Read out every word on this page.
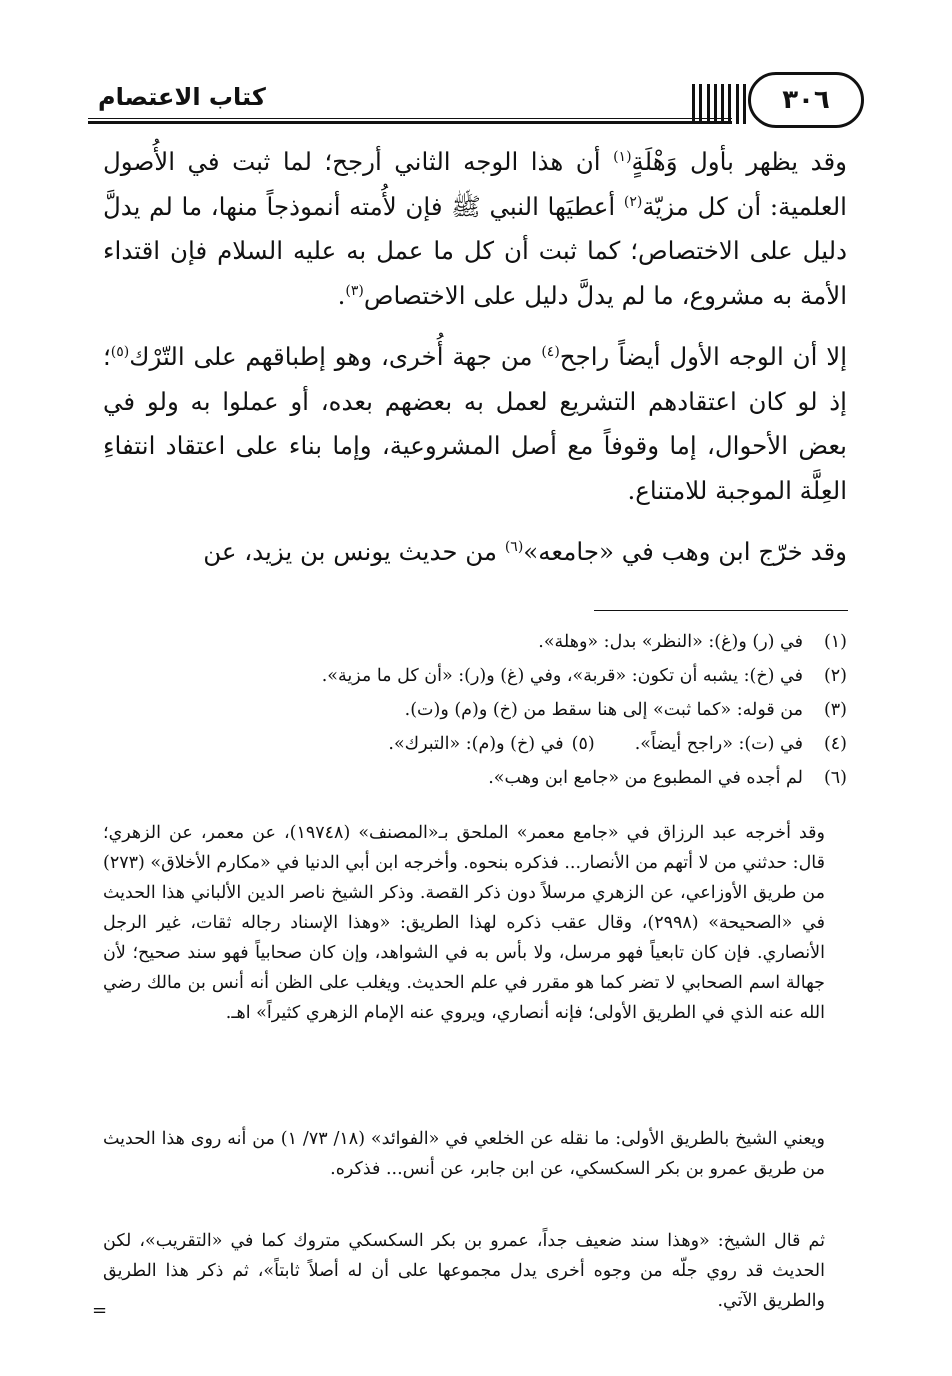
كتاب الاعتصام	٣٠٦

وقد يظهر بأول وَهْلَةٍ$^{(١)}$ أن هذا الوجه الثاني أرجح؛ لما ثبت في الأُصول العلمية: أن كل مزيّة$^{(٢)}$ أعطيَها النبي ﷺ فإن لأُمته أنموذجاً منها، ما لم يدلَّ دليل على الاختصاص؛ كما ثبت أن كل ما عمل به عليه السلام فإن اقتداء الأمة به مشروع، ما لم يدلَّ دليل على الاختصاص$^{(٣)}$.

إلا أن الوجه الأول أيضاً راجح$^{(٤)}$ من جهة أُخرى، وهو إطباقهم على التّرْك$^{(٥)}$؛ إذ لو كان اعتقادهم التشريع لعمل به بعضهم بعده، أو عملوا به ولو في بعض الأحوال، إما وقوفاً مع أصل المشروعية، وإما بناء على اعتقاد انتفاءِ العِلَّة الموجبة للامتناع.

وقد خرّج ابن وهب في «جامعه»$^{(٦)}$ من حديث يونس بن يزيد، عن

(١)
في (ر) و(غ): «النظر» بدل: «وهلة».
(٢)
في (خ): يشبه أن تكون: «قربة»، وفي (غ) و(ر): «أن كل ما مزية».
(٣)
من قوله: «كما ثبت» إلى هنا سقط من (خ) و(م) و(ت).
(٤)
في (ت): «راجح أيضاً».
(٥)
في (خ) و(م): «التبرك».
(٦)
لم أجده في المطبوع من «جامع ابن وهب».
وقد أخرجه عبد الرزاق في «جامع معمر» الملحق بـ«المصنف» (١٩٧٤٨)، عن معمر، عن الزهري؛ قال: حدثني من لا أتهم من الأنصار... فذكره بنحوه. وأخرجه ابن أبي الدنيا في «مكارم الأخلاق» (٢٧٣) من طريق الأوزاعي، عن الزهري مرسلاً دون ذكر القصة. وذكر الشيخ ناصر الدين الألباني هذا الحديث في «الصحيحة» (٢٩٩٨)، وقال عقب ذكره لهذا الطريق: «وهذا الإسناد رجاله ثقات، غير الرجل الأنصاري. فإن كان تابعياً فهو مرسل، ولا بأس به في الشواهد، وإن كان صحابياً فهو سند صحيح؛ لأن جهالة اسم الصحابي لا تضر كما هو مقرر في علم الحديث. ويغلب على الظن أنه أنس بن مالك رضي الله عنه الذي في الطريق الأولى؛ فإنه أنصاري، ويروي عنه الإمام الزهري كثيراً» اهـ.
ويعني الشيخ بالطريق الأولى: ما نقله عن الخلعي في «الفوائد» (١٨/ ٧٣/ ١) من أنه روى هذا الحديث من طريق عمرو بن بكر السكسكي، عن ابن جابر، عن أنس... فذكره.
ثم قال الشيخ: «وهذا سند ضعيف جداً، عمرو بن بكر السكسكي متروك كما في «التقريب»، لكن الحديث قد روي جلّه من وجوه أخرى يدل مجموعها على أن له أصلاً ثابتاً»، ثم ذكر هذا الطريق والطريق الآتي.
=
